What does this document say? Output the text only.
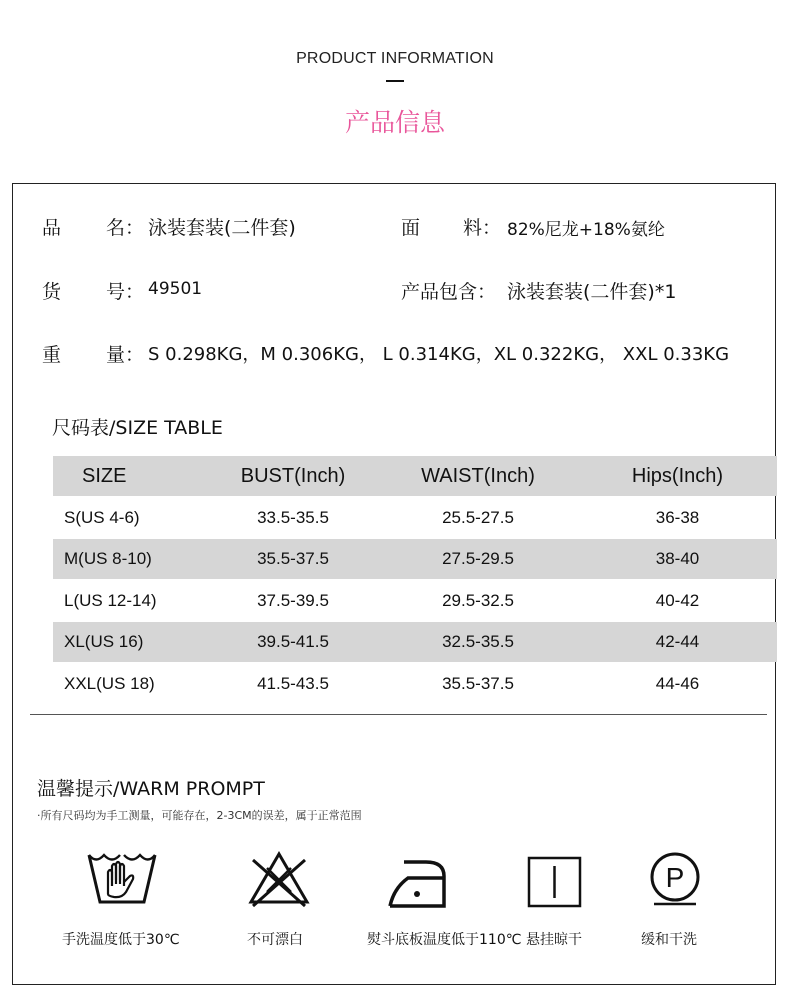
PRODUCT INFORMATION
产品信息
品 名： 泳装套装(二件套)	面 料： 82%尼龙+18%氨纶
货 号： 49501	产品包含： 泳装套装(二件套)*1
重 量： S 0.298KG，M 0.306KG， L 0.314KG，XL 0.322KG， XXL 0.33KG
尺码表/SIZE TABLE
SIZE	BUST(Inch)	WAIST(Inch)	Hips(Inch)
S(US 4-6)	33.5-35.5	25.5-27.5	36-38
M(US 8-10)	35.5-37.5	27.5-29.5	38-40
L(US 12-14)	37.5-39.5	29.5-32.5	40-42
XL(US 16)	39.5-41.5	32.5-35.5	42-44
XXL(US 18)	41.5-43.5	35.5-37.5	44-46
温馨提示/WARM PROMPT
·所有尺码均为手工测量，可能存在，2-3CM的误差，属于正常范围
P
手洗温度低于30℃	不可漂白	熨斗底板温度低于110℃ 悬挂晾干	缓和干洗
